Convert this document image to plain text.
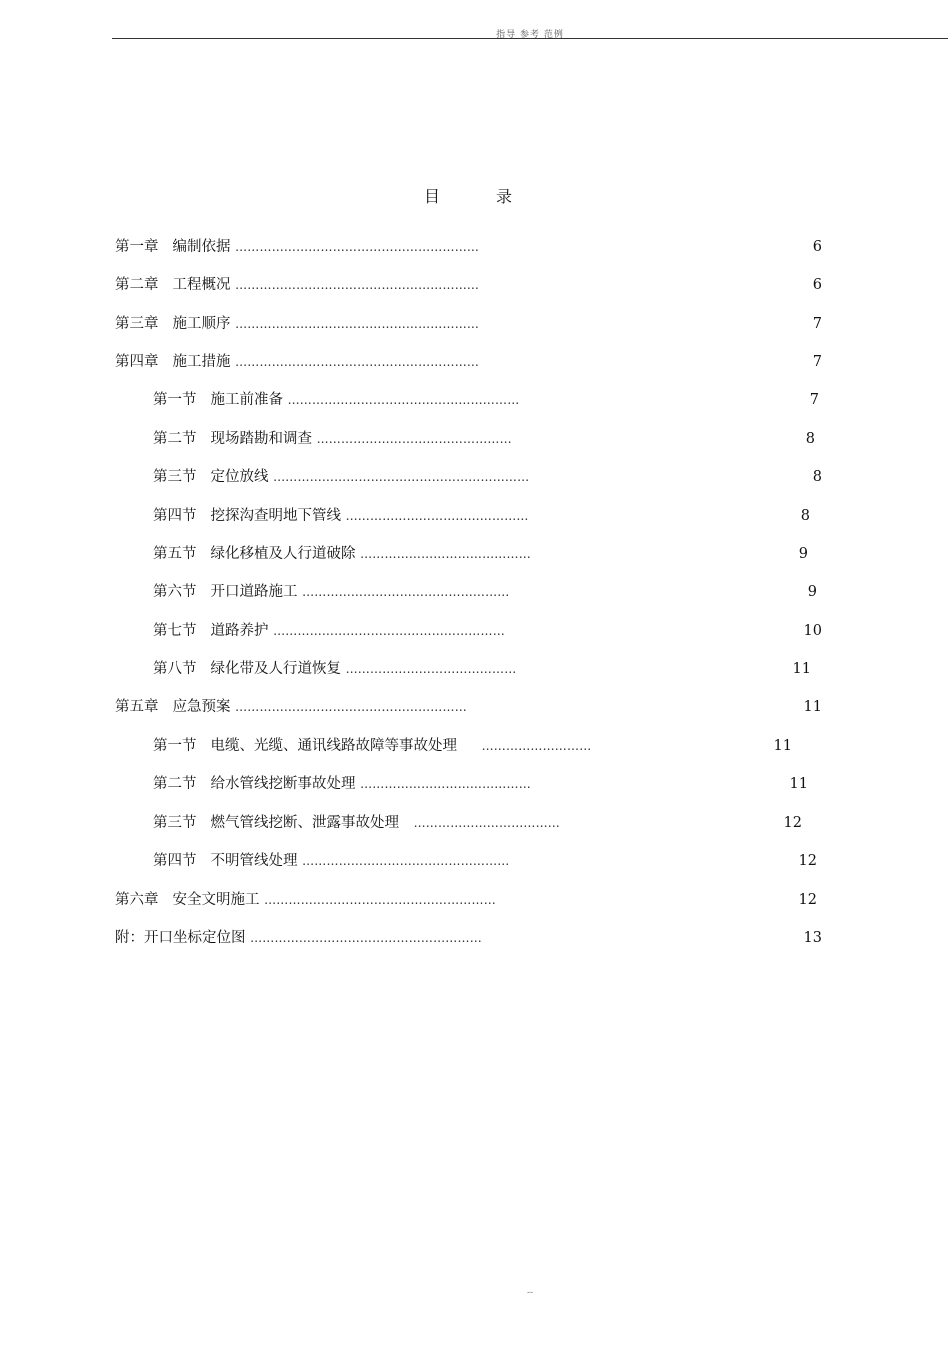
指导 参考 范例
目录
第一章 编制依据 ……………………………………………………	6
第二章 工程概况 ……………………………………………………	6
第三章 施工顺序 ……………………………………………………	7
第四章 施工措施 ……………………………………………………	7
第一节 施工前准备 …………………………………………………	7
第二节 现场踏勘和调查 …………………………………………	8
第三节 定位放线 ………………………………………………………	8
第四节 挖探沟查明地下管线 ………………………………………	8
第五节 绿化移植及人行道破除 ……………………………………	9
第六节 开口道路施工 ……………………………………………	9
第七节 道路养护 …………………………………………………	10
第八节 绿化带及人行道恢复 ……………………………………	11
第五章 应急预案 …………………………………………………	11
第一节 电缆、光缆、通讯线路故障等事故处理 ………………………	11
第二节 给水管线挖断事故处理 ……………………………………	11
第三节 燃气管线挖断、泄露事故处理 ………………………………	12
第四节 不明管线处理 ……………………………………………	12
第六章 安全文明施工 …………………………………………………	12
附：开口坐标定位图 …………………………………………………	13
--
